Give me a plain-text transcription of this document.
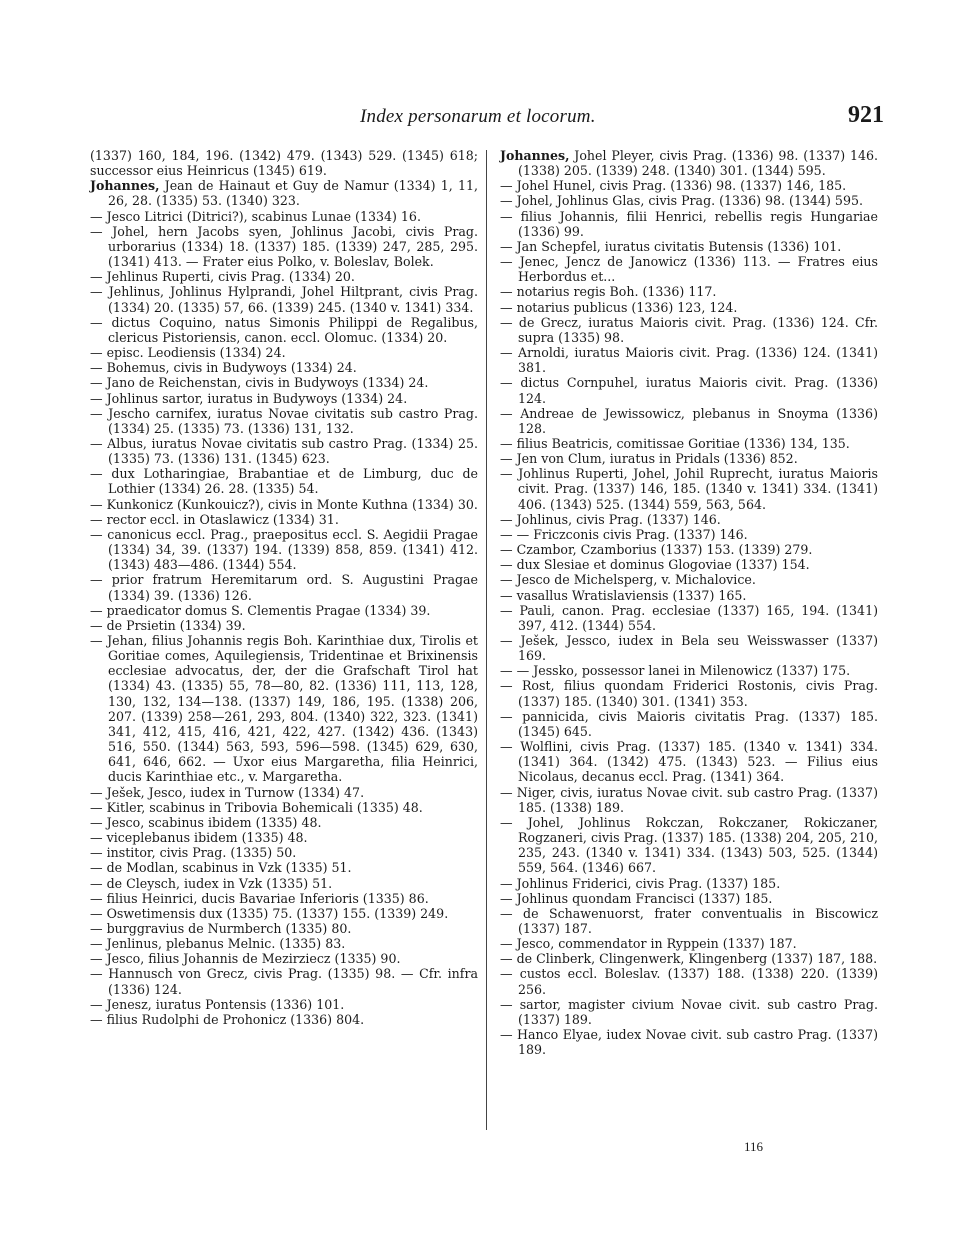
Index personarum et locorum.	921

(1337) 160, 184, 196. (1342) 479. (1343) 529. (1345) 618; successor eius Heinricus (1345) 619.

Johannes, Jean de Hainaut et Guy de Namur (1334) 1, 11, 26, 28. (1335) 53. (1340) 323.

— Jesco Litrici (Ditrici?), scabinus Lunae (1334) 16.

— Johel, hern Jacobs syen, Johlinus Jacobi, civis Prag. urborarius (1334) 18. (1337) 185. (1339) 247, 285, 295. (1341) 413. — Frater eius Polko, v. Boleslav, Bolek.

— Jehlinus Ruperti, civis Prag. (1334) 20.

— Jehlinus, Johlinus Hylprandi, Johel Hiltprant, civis Prag. (1334) 20. (1335) 57, 66. (1339) 245. (1340 v. 1341) 334.

— dictus Coquino, natus Simonis Philippi de Regalibus, clericus Pistoriensis, canon. eccl. Olomuc. (1334) 20.

— episc. Leodiensis (1334) 24.

— Bohemus, civis in Budywoys (1334) 24.

— Jano de Reichenstan, civis in Budywoys (1334) 24.

— Johlinus sartor, iuratus in Budywoys (1334) 24.

— Jescho carnifex, iuratus Novae civitatis sub castro Prag. (1334) 25. (1335) 73. (1336) 131, 132.

— Albus, iuratus Novae civitatis sub castro Prag. (1334) 25. (1335) 73. (1336) 131. (1345) 623.

— dux Lotharingiae, Brabantiae et de Limburg, duc de Lothier (1334) 26. 28. (1335) 54.

— Kunkonicz (Kunkouicz?), civis in Monte Kuthna (1334) 30.

— rector eccl. in Otaslawicz (1334) 31.

— canonicus eccl. Prag., praepositus eccl. S. Aegidii Pragae (1334) 34, 39. (1337) 194. (1339) 858, 859. (1341) 412. (1343) 483—486. (1344) 554.

— prior fratrum Heremitarum ord. S. Augustini Pragae (1334) 39. (1336) 126.

— praedicator domus S. Clementis Pragae (1334) 39.

— de Prsietin (1334) 39.

— Jehan, filius Johannis regis Boh. Karinthiae dux, Tirolis et Goritiae comes, Aquilegiensis, Tridentinae et Brixinensis ecclesiae advocatus, der, der die Grafschaft Tirol hat (1334) 43. (1335) 55, 78—80, 82. (1336) 111, 113, 128, 130, 132, 134—138. (1337) 149, 186, 195. (1338) 206, 207. (1339) 258—261, 293, 804. (1340) 322, 323. (1341) 341, 412, 415, 416, 421, 422, 427. (1342) 436. (1343) 516, 550. (1344) 563, 593, 596—598. (1345) 629, 630, 641, 646, 662. — Uxor eius Margaretha, filia Heinrici, ducis Karinthiae etc., v. Margaretha.

— Ješek, Jesco, iudex in Turnow (1334) 47.

— Kitler, scabinus in Tribovia Bohemicali (1335) 48.

— Jesco, scabinus ibidem (1335) 48.

— viceplebanus ibidem (1335) 48.

— institor, civis Prag. (1335) 50.

— de Modlan, scabinus in Vzk (1335) 51.

— de Cleysch, iudex in Vzk (1335) 51.

— filius Heinrici, ducis Bavariae Inferioris (1335) 86.

— Oswetimensis dux (1335) 75. (1337) 155. (1339) 249.

— burggravius de Nurmberch (1335) 80.

— Jenlinus, plebanus Melnic. (1335) 83.

— Jesco, filius Johannis de Mezirziecz (1335) 90.

— Hannusch von Grecz, civis Prag. (1335) 98. — Cfr. infra (1336) 124.

— Jenesz, iuratus Pontensis (1336) 101.

— filius Rudolphi de Prohonicz (1336) 804.

Johannes, Johel Pleyer, civis Prag. (1336) 98. (1337) 146. (1338) 205. (1339) 248. (1340) 301. (1344) 595.

— Johel Hunel, civis Prag. (1336) 98. (1337) 146, 185.

— Johel, Johlinus Glas, civis Prag. (1336) 98. (1344) 595.

— filius Johannis, filii Henrici, rebellis regis Hungariae (1336) 99.

— Jan Schepfel, iuratus civitatis Butensis (1336) 101.

— Jenec, Jencz de Janowicz (1336) 113. — Fratres eius Herbordus et...

— notarius regis Boh. (1336) 117.

— notarius publicus (1336) 123, 124.

— de Grecz, iuratus Maioris civit. Prag. (1336) 124. Cfr. supra (1335) 98.

— Arnoldi, iuratus Maioris civit. Prag. (1336) 124. (1341) 381.

— dictus Cornpuhel, iuratus Maioris civit. Prag. (1336) 124.

— Andreae de Jewissowicz, plebanus in Snoyma (1336) 128.

— filius Beatricis, comitissae Goritiae (1336) 134, 135.

— Jen von Clum, iuratus in Pridals (1336) 852.

— Johlinus Ruperti, Johel, Johil Ruprecht, iuratus Maioris civit. Prag. (1337) 146, 185. (1340 v. 1341) 334. (1341) 406. (1343) 525. (1344) 559, 563, 564.

— Johlinus, civis Prag. (1337) 146.

— — Friczconis civis Prag. (1337) 146.

— Czambor, Czamborius (1337) 153. (1339) 279.

— dux Slesiae et dominus Glogoviae (1337) 154.

— Jesco de Michelsperg, v. Michalovice.

— vasallus Wratislaviensis (1337) 165.

— Pauli, canon. Prag. ecclesiae (1337) 165, 194. (1341) 397, 412. (1344) 554.

— Ješek, Jessco, iudex in Bela seu Weisswasser (1337) 169.

— — Jessko, possessor lanei in Milenowicz (1337) 175.

— Rost, filius quondam Friderici Rostonis, civis Prag. (1337) 185. (1340) 301. (1341) 353.

— pannicida, civis Maioris civitatis Prag. (1337) 185. (1345) 645.

— Wolflini, civis Prag. (1337) 185. (1340 v. 1341) 334. (1341) 364. (1342) 475. (1343) 523. — Filius eius Nicolaus, decanus eccl. Prag. (1341) 364.

— Niger, civis, iuratus Novae civit. sub castro Prag. (1337) 185. (1338) 189.

— Johel, Johlinus Rokczan, Rokczaner, Rokiczaner, Rogzaneri, civis Prag. (1337) 185. (1338) 204, 205, 210, 235, 243. (1340 v. 1341) 334. (1343) 503, 525. (1344) 559, 564. (1346) 667.

— Johlinus Friderici, civis Prag. (1337) 185.

— Johlinus quondam Francisci (1337) 185.

— de Schawenuorst, frater conventualis in Biscowicz (1337) 187.

— Jesco, commendator in Ryppein (1337) 187.

— de Clinberk, Clingenwerk, Klingenberg (1337) 187, 188.

— custos eccl. Boleslav. (1337) 188. (1338) 220. (1339) 256.

— sartor, magister civium Novae civit. sub castro Prag. (1337) 189.

— Hanco Elyae, iudex Novae civit. sub castro Prag. (1337) 189.

116
